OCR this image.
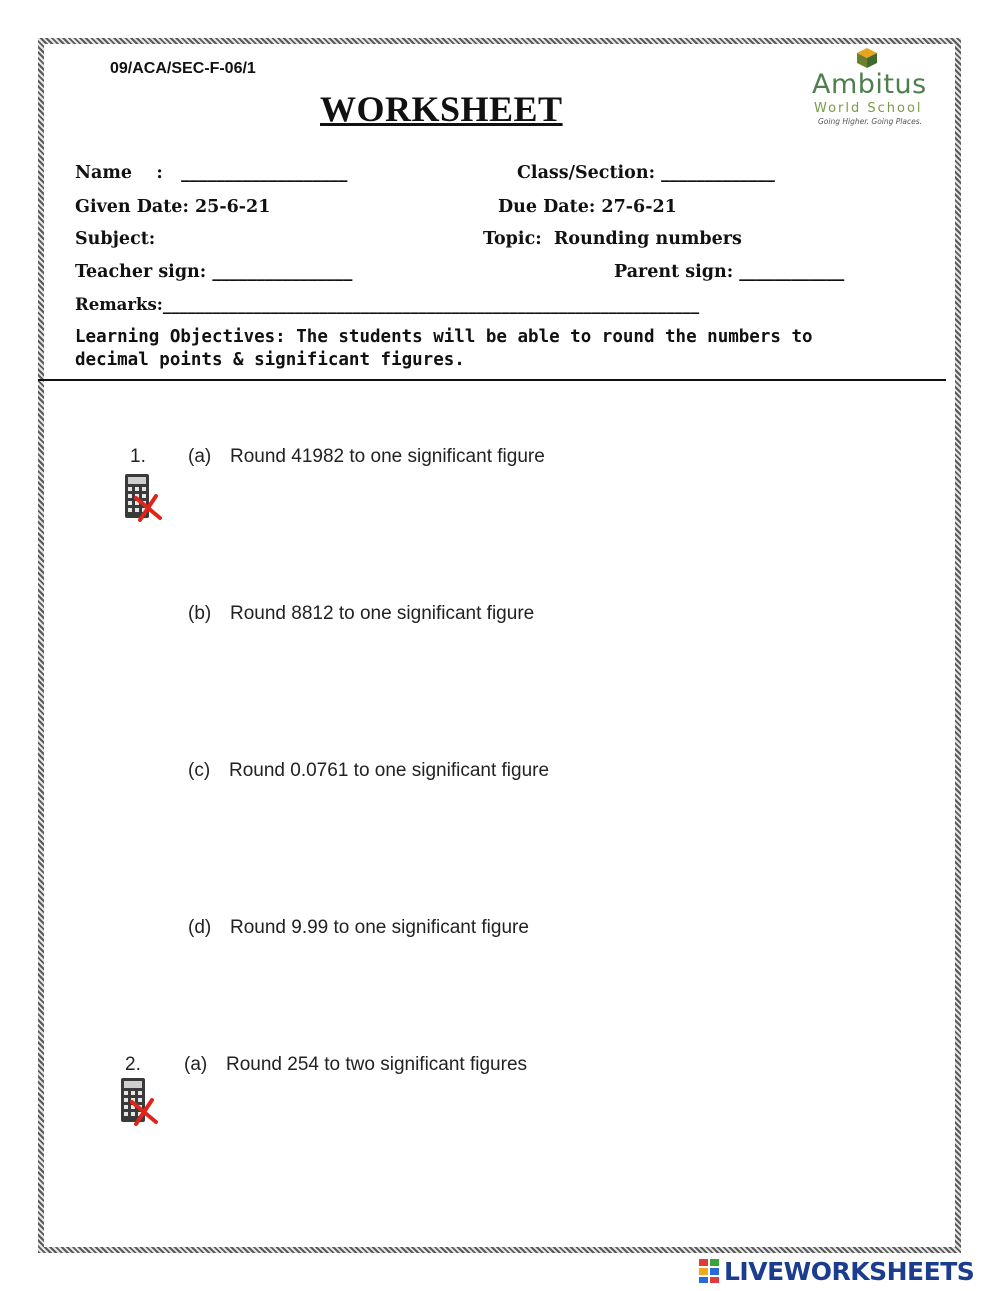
09/ACA/SEC-F-06/1
WORKSHEET
Ambitus
World School
Going Higher. Going Places.
Name    :   ___________________	Class/Section: _____________
Given Date: 25-6-21	Due Date: 27-6-21
Subject:	Topic:  Rounding numbers
Teacher sign: ________________	Parent sign: ____________
Remarks:_________________________________________________________________
Learning Objectives: The students will be able to round the numbers to
decimal points & significant figures.
1. (a) Round 41982 to one significant figure
(b) Round 8812 to one significant figure
(c) Round 0.0761 to one significant figure
(d) Round 9.99 to one significant figure
2. (a) Round 254 to two significant figures
LIVEWORKSHEETS
